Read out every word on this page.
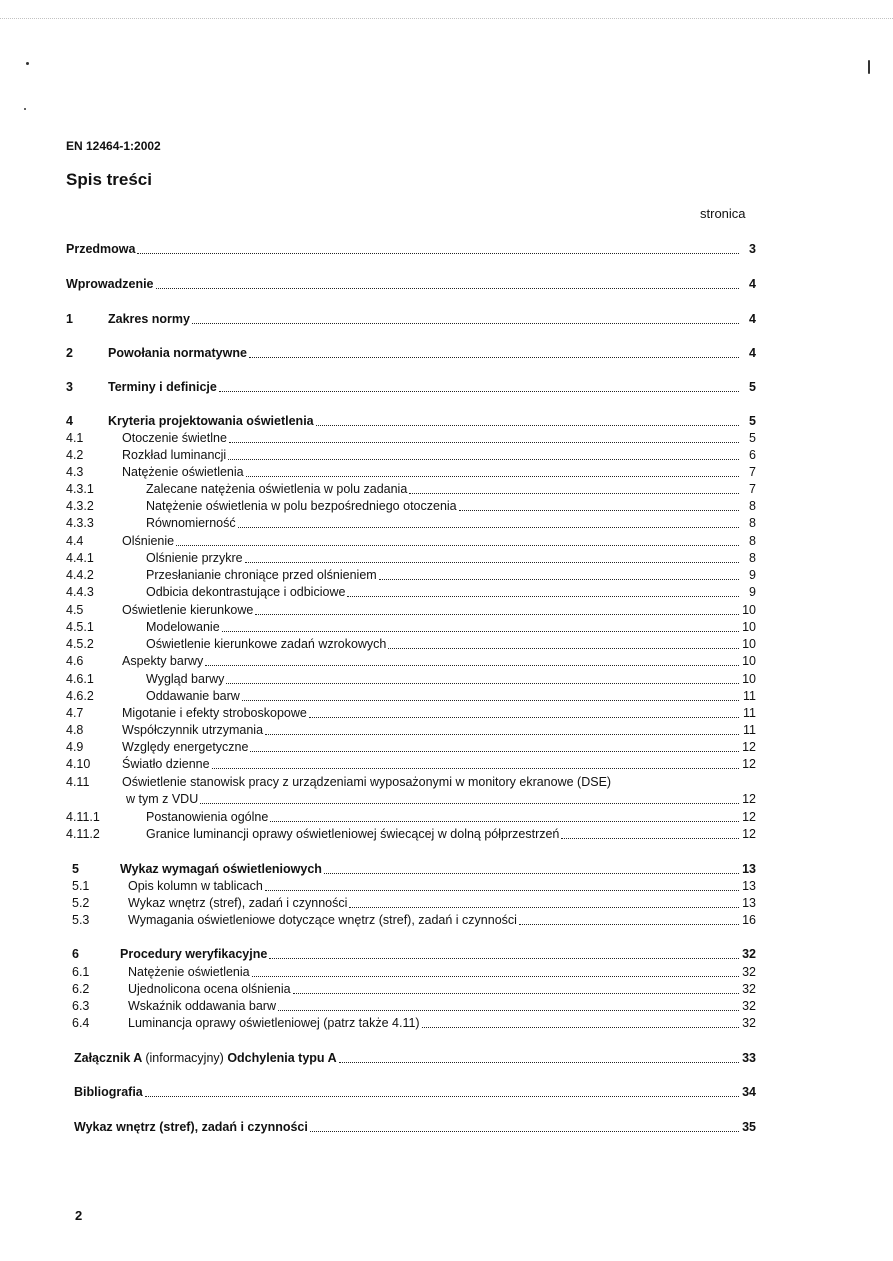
EN 12464-1:2002
Spis treści
stronica
Przedmowa	3
Wprowadzenie	4
1	Zakres normy	4
2	Powołania normatywne	4
3	Terminy i definicje	5
4	Kryteria projektowania oświetlenia	5
4.1	Otoczenie świetlne	5
4.2	Rozkład luminancji	6
4.3	Natężenie oświetlenia	7
4.3.1	Zalecane natężenia oświetlenia w polu zadania	7
4.3.2	Natężenie oświetlenia w polu bezpośredniego otoczenia	8
4.3.3	Równomierność	8
4.4	Olśnienie	8
4.4.1	Olśnienie przykre	8
4.4.2	Przesłanianie chroniące przed olśnieniem	9
4.4.3	Odbicia dekontrastujące i odbiciowe	9
4.5	Oświetlenie kierunkowe	10
4.5.1	Modelowanie	10
4.5.2	Oświetlenie kierunkowe zadań wzrokowych	10
4.6	Aspekty barwy	10
4.6.1	Wygląd barwy	10
4.6.2	Oddawanie barw	11
4.7	Migotanie i efekty stroboskopowe	11
4.8	Współczynnik utrzymania	11
4.9	Względy energetyczne	12
4.10	Światło dzienne	12
4.11	Oświetlenie stanowisk pracy z urządzeniami wyposażonymi w monitory ekranowe (DSE)
w tym z VDU	12
4.11.1	Postanowienia ogólne	12
4.11.2	Granice luminancji oprawy oświetleniowej świecącej w dolną półprzestrzeń	12
5	Wykaz wymagań oświetleniowych	13
5.1	Opis kolumn w tablicach	13
5.2	Wykaz wnętrz (stref), zadań i czynności	13
5.3	Wymagania oświetleniowe dotyczące wnętrz (stref), zadań i czynności	16
6	Procedury weryfikacyjne	32
6.1	Natężenie oświetlenia	32
6.2	Ujednolicona ocena olśnienia	32
6.3	Wskaźnik oddawania barw	32
6.4	Luminancja oprawy oświetleniowej (patrz także 4.11)	32
Załącznik A (informacyjny) Odchylenia typu A	33
Bibliografia	34
Wykaz wnętrz (stref), zadań i czynności	35
2
